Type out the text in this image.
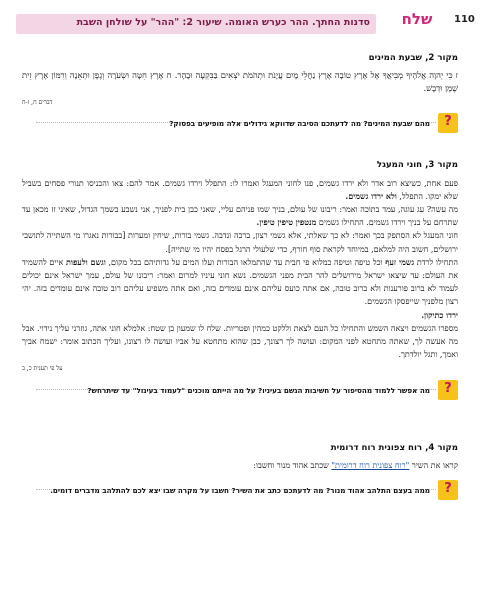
110
שלח
סדנות החתך. ההר כערש האומה. שיעור 2: "ההר" על שולחן השבת
מקור 2, שבעת המינים

ז כִּי יְהוָה אֱלֹהֶיךָ מְבִיאֲךָ אֶל אֶרֶץ טוֹבָה אֶרֶץ נַחֲלֵי מָיִם עֲיָנֹת וּתְהֹמֹת יֹצְאִים בַּבִּקְעָה וּבָהָר. ח אֶרֶץ חִטָּה וּשְׂעֹרָה וְגֶפֶן וּתְאֵנָה וְרִמּוֹן אֶרֶץ זֵית שֶׁמֶן וּדְבָשׁ.

דברים ח, ז-ח
?
מהם שבעת המינים? מה לדעתכם הסיבה שדווקא גידולים אלה מופיעים בפסוק?
מקור 3, חוני המעגל

פעם אחת, כשיצא רוב אדר ולא ירדו גשמים, פנו לחוני המעגל ואמרו לו: התפלל וירדו גשמים. אמר להם: צאו והכניסו תנורי פסחים בשביל שלא ימקו. התפלל, ולא ירדו גשמים.

מה עשה? עג עוגה, עמד בתוכה ואמר: ריבונו של עולם, בניך שמו פניהם עליי, שאני כבן בית לפניך, אני נשבע בשמך הגדול, שאיני זז מכאן עד שתרחם על בניך וירדו גשמים. התחילו גשמים מנטפין טיפין טיפין.

חוני המעגל לא הסתפק בכך ואמר: לא כך שאלתי, אלא גשמי רצון, ברכה ונדבה. גשמי בורות, שיחין ומערות [בבורות נאגרו מי השתייה לתושבי ירושלים, חשוב היה למלאם, במיוחד לקראת סוף חורף, כדי שלעולי הרגל בפסח יהיו מי שתייה].

התחילו לרדת גשמי זעף וכל טיפה וטיפה כמלוא פי חבית עד שהתמלאו הבורות ועלו המים על גדותיהם בכל מקום, וגשם ולעפות איים להשמיד את העולם: עד שיצאו ישראל מירושלים להר הבית מפני הגשמים. נשא חוני עיניו למרום ואמר: ריבונו של עולם, עמך ישראל אינם יכולים לעמוד לא ברוב פורענות ולא ברוב טובה, אם אתה כועס עליהם אינם עומדים בזה, ואם אתה משפיע עליהם רוב טובה אינם עומדים בזה. יהי רצון מלפניך שייפסקו הגשמים.

ירדו כתיקון.

מספרו הגשמים ויצאה השמש והתחילו כל העם לצאת וללקט כמהין ופטריות. שלח לו שמעון בן שטח: אלמלא חוני אתה, גוזרני עליך נידוי. אבל מה אעשה לך, שאתה מתחטא לפני המקום: ועושה לך רצונך, כבן שהוא מתחטא על אביו ועושה לו רצונו, ועליך הכתוב אומר: ישמח אביך ואמך, ותגל יולדתך.

על פי תענית כ, ב
?
מה אפשר ללמוד מהסיפור על חשיבות הגשם בעיניו? על מה הייתם מוכנים "לעמוד בעיגול" עד שיתרחש?
מקור 4, רוח צפונית רוח דרומית

קראו את השיר "רוח צפונית רוח דרומית" שכתב אהוד מנור וחשבו:

?
ממה בעצם התלהב אהוד מנור? מה לדעתכם כתב את השיר? חשבו על מקרה שבו יצא לכם להתלהב מדברים דומים.
